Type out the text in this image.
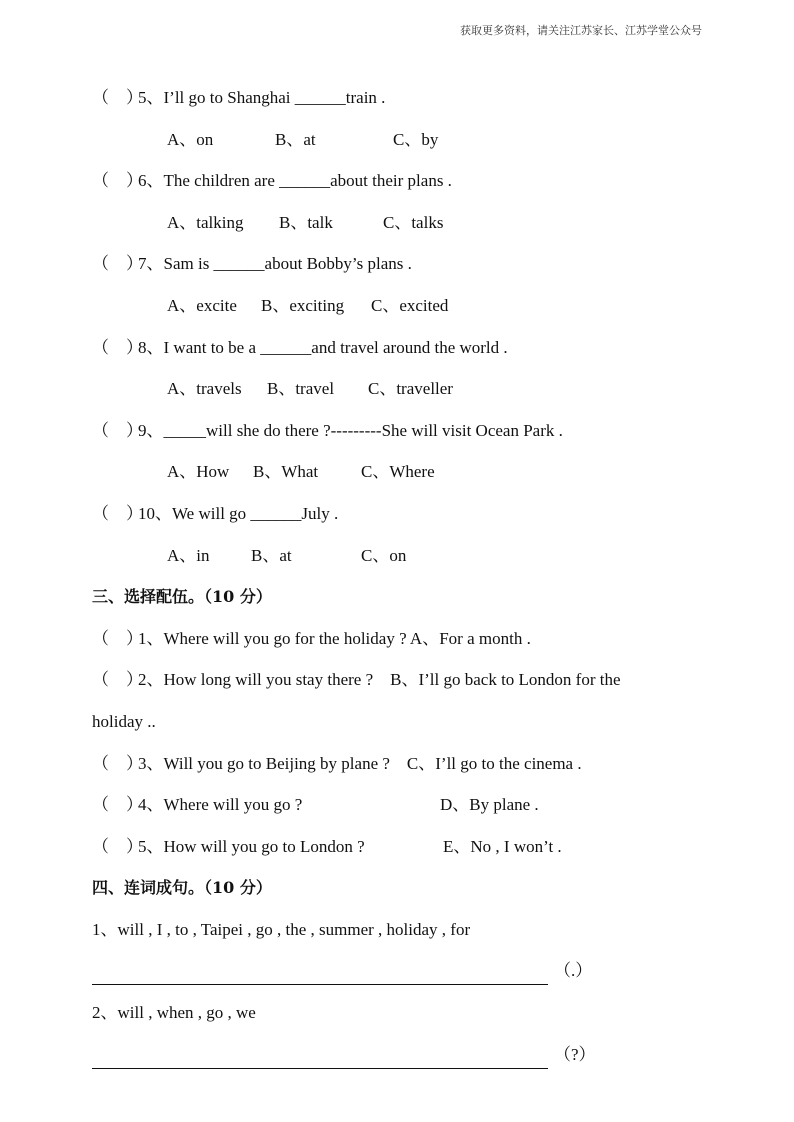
获取更多资料，请关注江苏家长、江苏学堂公众号
（　）5、I’ll go to Shanghai ______train .
A、on	B、at	C、by
（　）6、The children are ______about their plans .
A、talking B、talk	C、talks
（　）7、Sam is ______about Bobby’s plans .
A、excite B、exciting C、excited
（　）8、I want to be a ______and travel around the world .
A、travels B、travel C、traveller
（　）9、_____will she do there ?---------She will visit Ocean Park .
A、How B、What	C、Where
（　）10、We will go ______July .
A、in B、at	C、on
三、选择配伍。（10 分）
（　）1、Where will you go for the holiday ? A、For a month .
（　）2、How long will you stay there ?    B、I’ll go back to London for the
holiday ..
（　）3、Will you go to Beijing by plane ?    C、I’ll go to the cinema .
（　）4、Where will you go ?	D、By plane .
（　）5、How will you go to London ?	E、No , I won’t .
四、连词成句。（10 分）
1、will , I , to , Taipei , go , the , summer , holiday , for
（.）
2、will , when , go , we
（?）
